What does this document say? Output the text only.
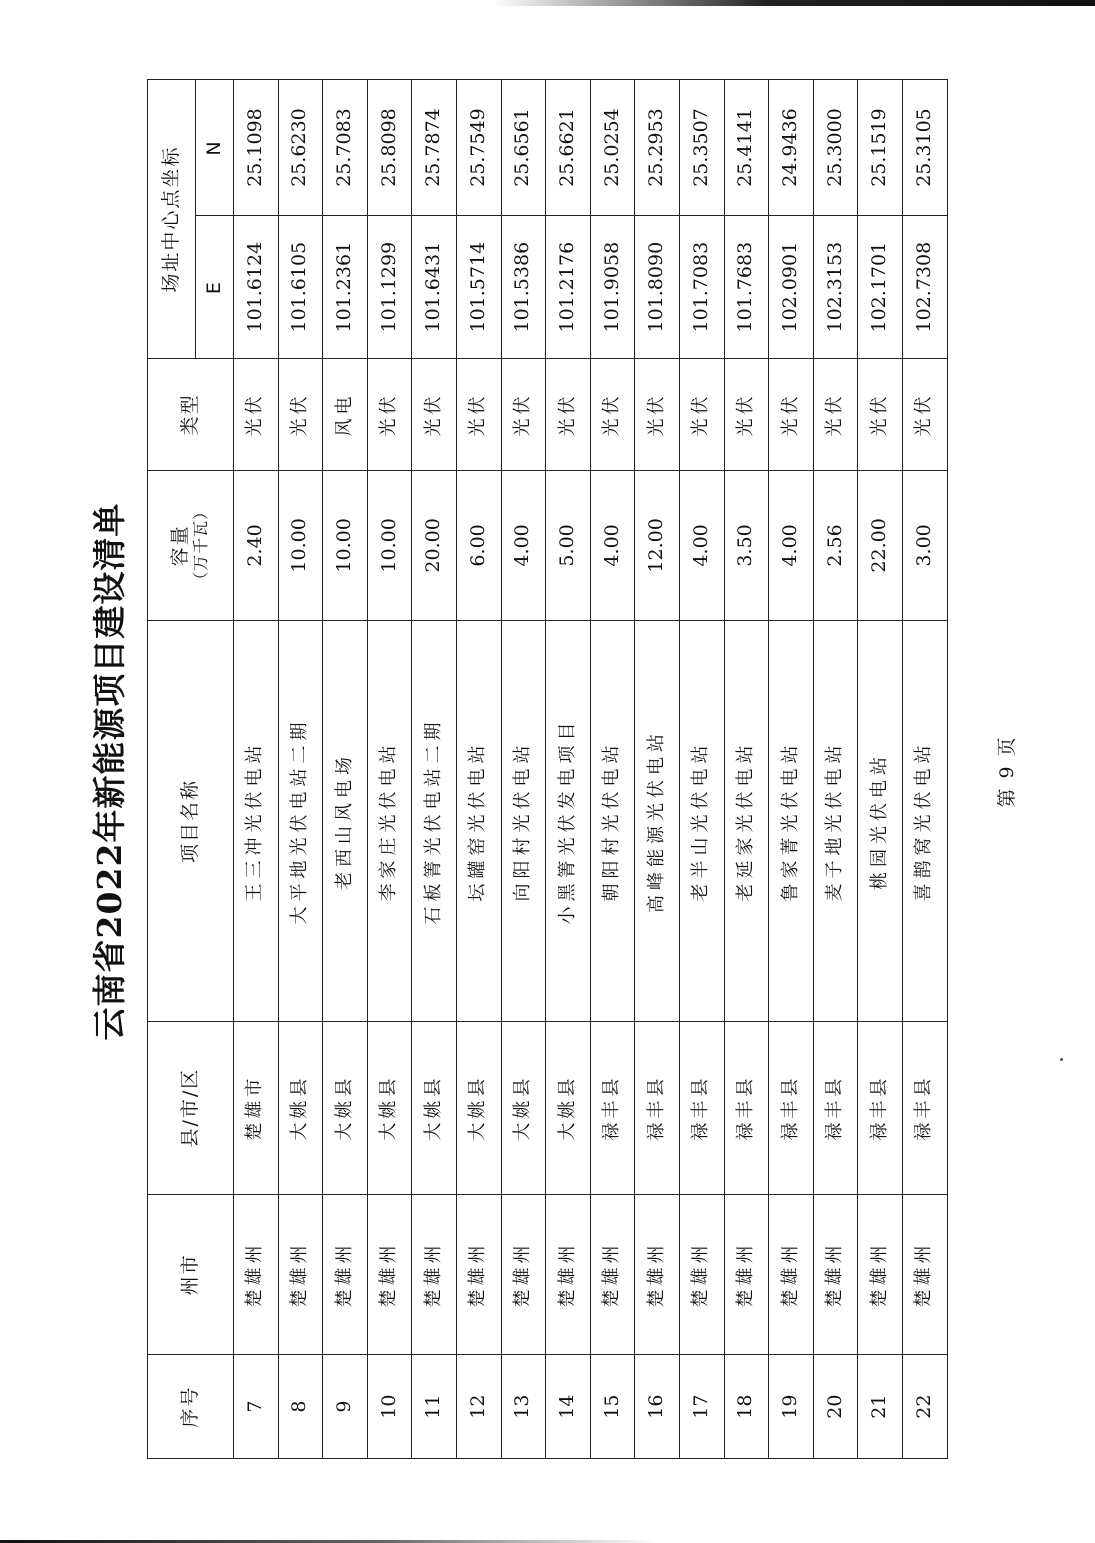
云南省2022年新能源项目建设清单
序号	州市	县/市/区	项目名称	容量 （万千瓦）	类型	场址中心点坐标	
						E	N
7	楚雄州	楚雄市	王三冲光伏电站	2.40	光伏	101.6124	25.1098
8	楚雄州	大姚县	大平地光伏电站二期	10.00	光伏	101.6105	25.6230
9	楚雄州	大姚县	老西山风电场	10.00	风电	101.2361	25.7083
10	楚雄州	大姚县	李家庄光伏电站	10.00	光伏	101.1299	25.8098
11	楚雄州	大姚县	石板箐光伏电站二期	20.00	光伏	101.6431	25.7874
12	楚雄州	大姚县	坛罐窑光伏电站	6.00	光伏	101.5714	25.7549
13	楚雄州	大姚县	向阳村光伏电站	4.00	光伏	101.5386	25.6561
14	楚雄州	大姚县	小黑箐光伏发电项目	5.00	光伏	101.2176	25.6621
15	楚雄州	禄丰县	朝阳村光伏电站	4.00	光伏	101.9058	25.0254
16	楚雄州	禄丰县	高峰能源光伏电站	12.00	光伏	101.8090	25.2953
17	楚雄州	禄丰县	老半山光伏电站	4.00	光伏	101.7083	25.3507
18	楚雄州	禄丰县	老延家光伏电站	3.50	光伏	101.7683	25.4141
19	楚雄州	禄丰县	鲁家菁光伏电站	4.00	光伏	102.0901	24.9436
20	楚雄州	禄丰县	麦子地光伏电站	2.56	光伏	102.3153	25.3000
21	楚雄州	禄丰县	桃园光伏电站	22.00	光伏	102.1701	25.1519
22	楚雄州	禄丰县	喜鹊窝光伏电站	3.00	光伏	102.7308	25.3105
第 9 页
